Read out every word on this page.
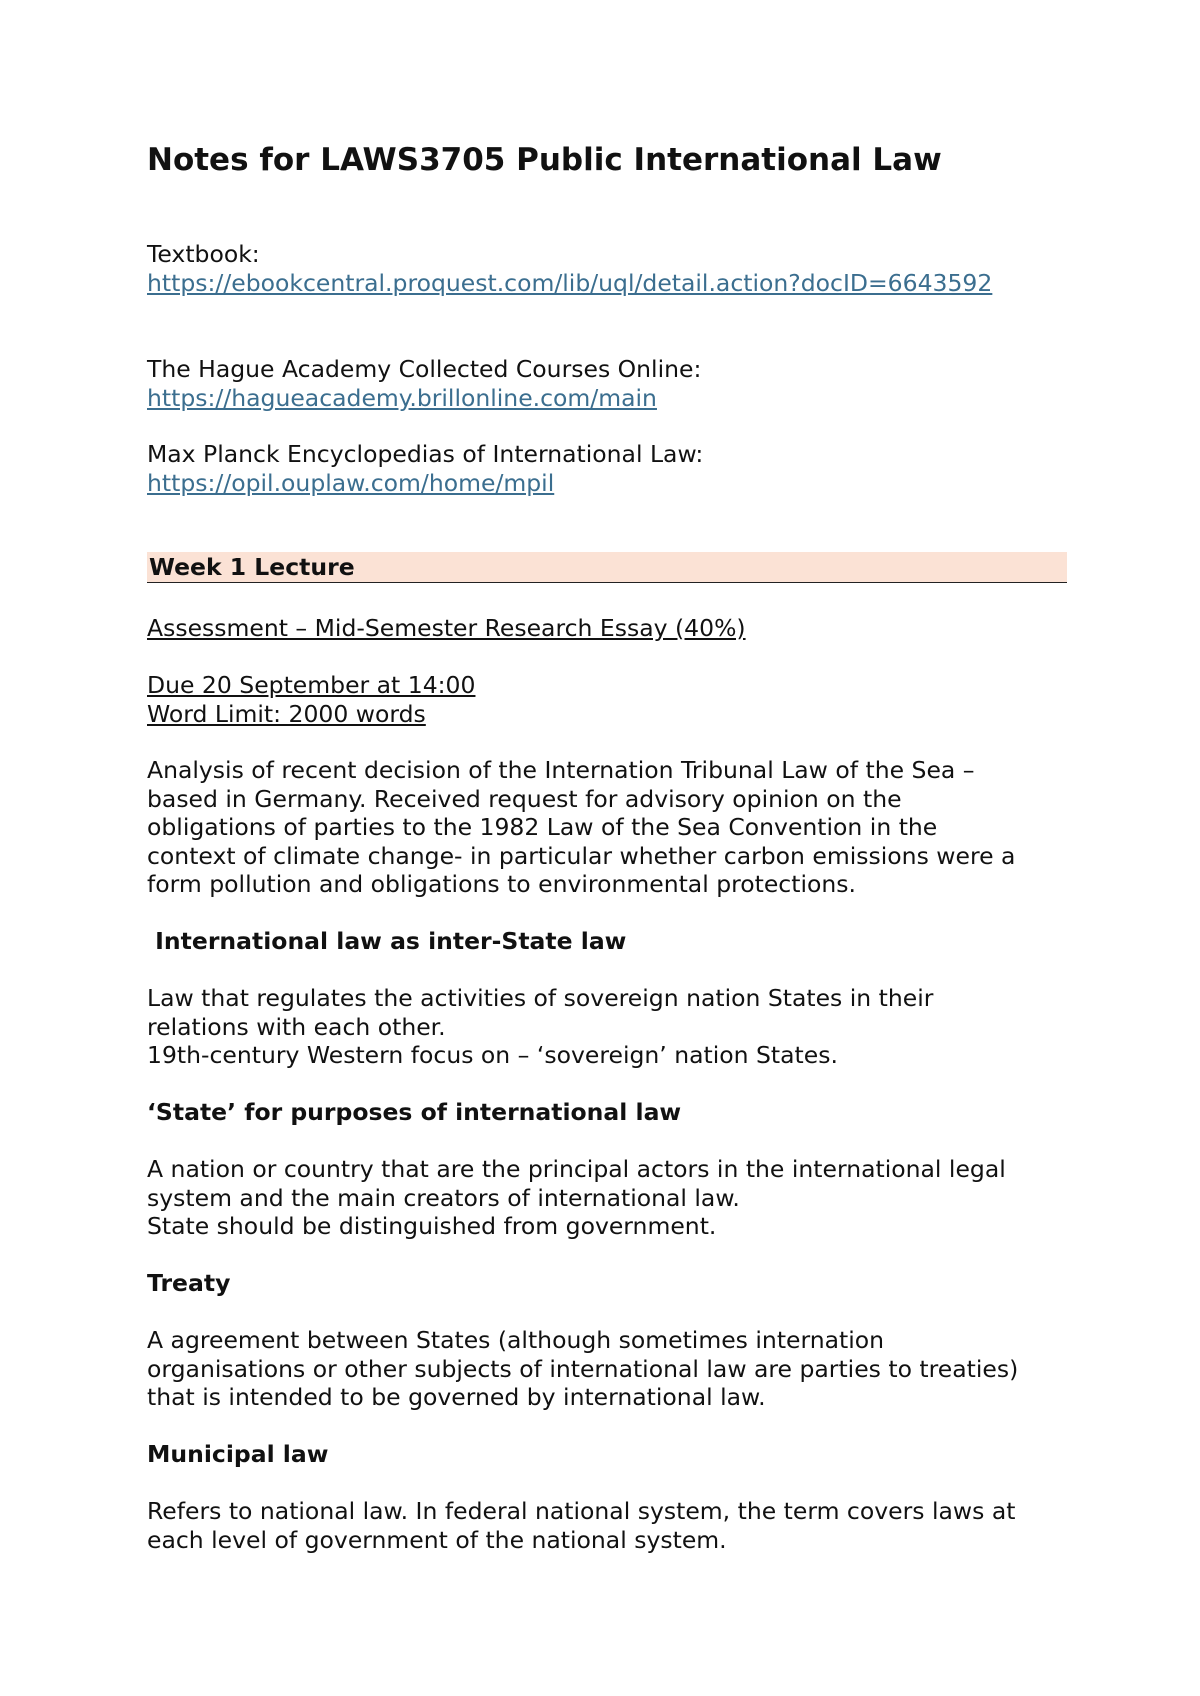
Notes for LAWS3705 Public International Law
Textbook:
https://ebookcentral.proquest.com/lib/uql/detail.action?docID=6643592
The Hague Academy Collected Courses Online:
https://hagueacademy.brillonline.com/main
Max Planck Encyclopedias of International Law:
https://opil.ouplaw.com/home/mpil
Week 1 Lecture
Assessment – Mid-Semester Research Essay (40%)
Due 20 September at 14:00
Word Limit: 2000 words
Analysis of recent decision of the Internation Tribunal Law of the Sea –
based in Germany. Received request for advisory opinion on the
obligations of parties to the 1982 Law of the Sea Convention in the
context of climate change- in particular whether carbon emissions were a
form pollution and obligations to environmental protections.
International law as inter-State law
Law that regulates the activities of sovereign nation States in their
relations with each other.
19th-century Western focus on – ‘sovereign’ nation States.
‘State’ for purposes of international law
A nation or country that are the principal actors in the international legal
system and the main creators of international law.
State should be distinguished from government.
Treaty
A agreement between States (although sometimes internation
organisations or other subjects of international law are parties to treaties)
that is intended to be governed by international law.
Municipal law
Refers to national law. In federal national system, the term covers laws at
each level of government of the national system.
